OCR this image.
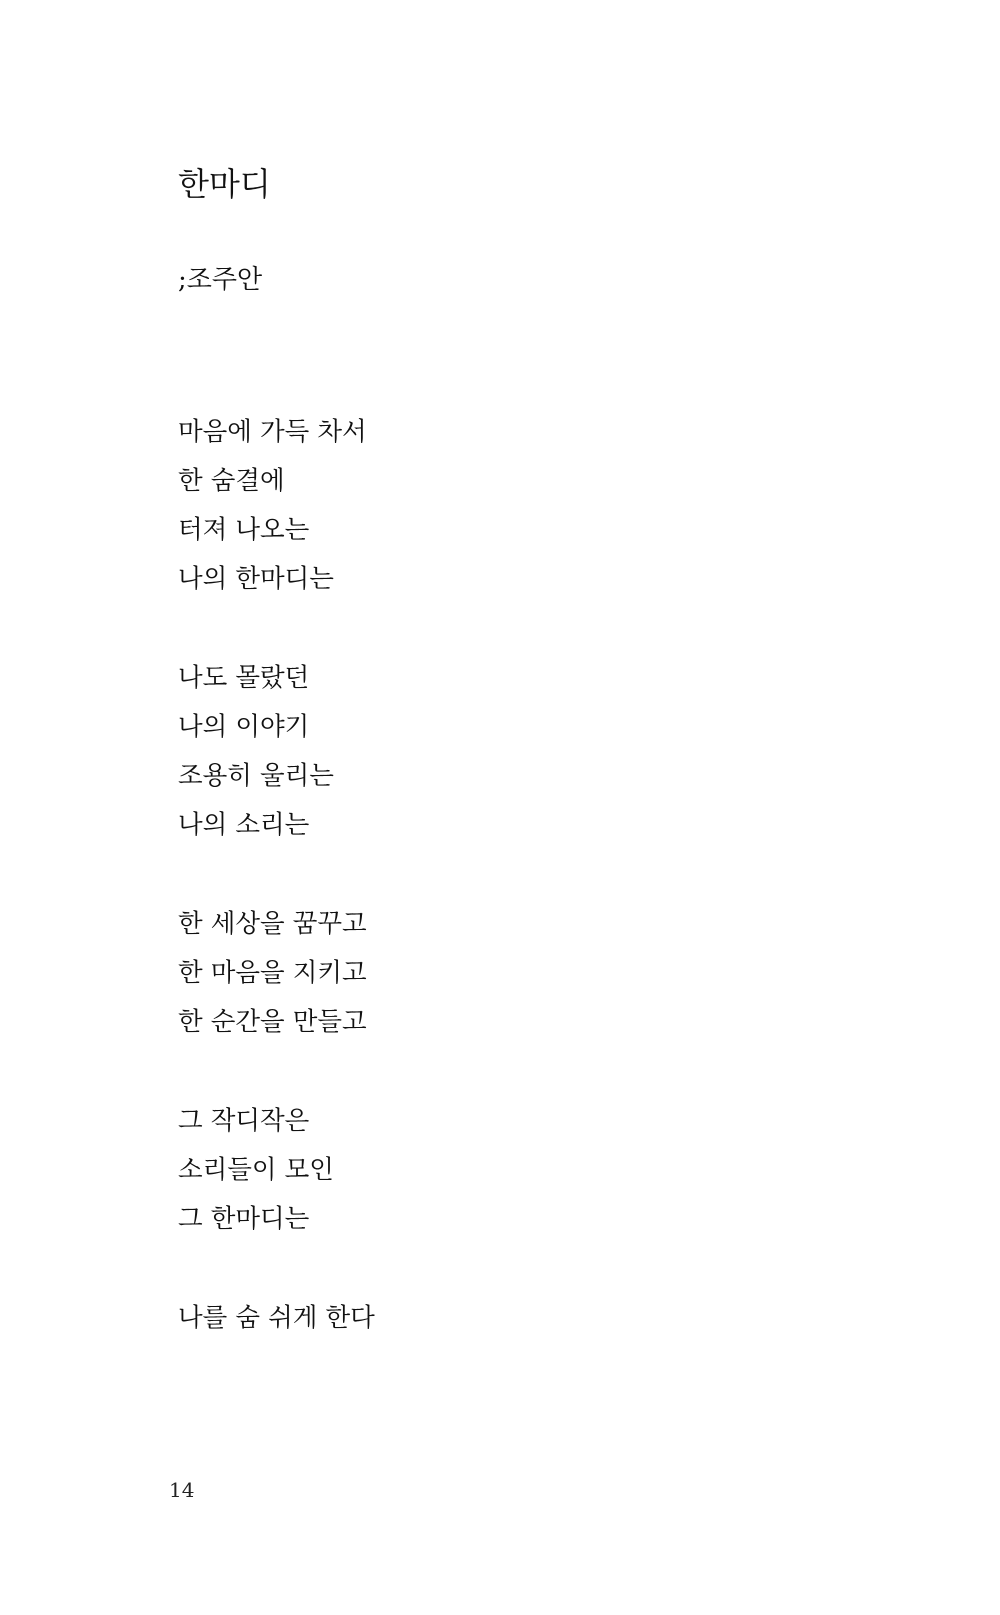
한마디
;조주안
마음에 가득 차서
한 숨결에
터져 나오는
나의 한마디는
나도 몰랐던
나의 이야기
조용히 울리는
나의 소리는
한 세상을 꿈꾸고
한 마음을 지키고
한 순간을 만들고
그 작디작은
소리들이 모인
그 한마디는
나를 숨 쉬게 한다
14
